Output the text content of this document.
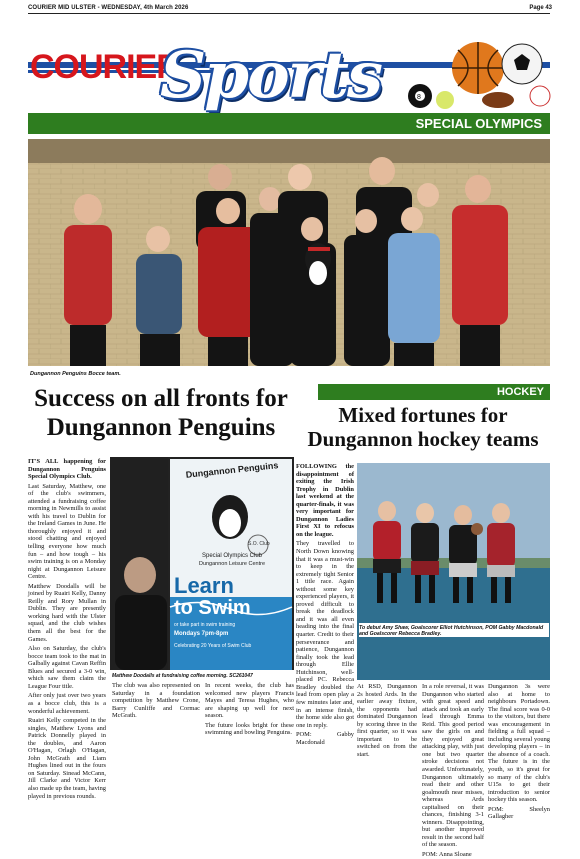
COURIER MID ULSTER - WEDNESDAY, 4th March 2026	Page 43
COURIER
Sports	8
SPECIAL OLYMPICS
Dungannon Penguins Bocce team.
Success on all fronts for Dungannon Penguins

IT'S ALL happening for Dungannon Penguins Special Olympics Club.

Last Saturday, Matthew, one of the club's swimmers, attended a fundraising coffee morning in Newmills to assist with his travel to Dublin for the Ireland Games in June. He thoroughly enjoyed it and stood chatting and enjoyed telling everyone how much fun – and how tough – his swim training is on a Monday night at Dungannon Leisure Centre.

Matthew Doodalls will be joined by Ruairi Kelly, Danny Reilly and Rory Mullan in Dublin. They are presently working hard with the Ulster squad, and the club wishes them all the best for the Games.

Also on Saturday, the club's bocce team took to the mat in Galbally against Cavan Reffin Blues and secured a 3-0 win, which saw them claim the League Four title.

After only just over two years as a bocce club, this is a wonderful achievement.

Ruairi Kelly competed in the singles, Matthew Lyons and Patrick Donnelly played in the doubles, and Aaron O'Hagan, Orlagh O'Hagan, John McGrath and Liam Hughes lined out in the fours on Saturday. Sinead McCann, Jill Clarke and Victor Kerr also made up the team, having played in previous rounds.

Dungannon Penguins
Special Olympics Club
Dungannon Leisure Centre
S.O. Club
Learn
to Swim
or take part in swim training
Mondays 7pm-8pm
Celebrating 20 Years of Swim Club
Matthew Doodalls at fundraising coffee morning. SC261047

The club was also represented on Saturday in a foundation competition by Matthew Crone, Barry Cunliffe and Cormac McGrath.

In recent weeks, the club has welcomed new players Francis Mayes and Teresa Hughes, who are shaping up well for next season.

The future looks bright for these swimming and bowling Penguins.

HOCKEY
Mixed fortunes for Dungannon hockey teams

FOLLOWING the disappointment of exiting the Irish Trophy in Dublin last weekend at the quarter-finals, it was very important for Dungannon Ladies First XI to refocus on the league.

They travelled to North Down knowing that it was a must-win to keep in the extremely tight Senior 1 title race. Again without some key experienced players, it proved difficult to break the deadlock and it was all even heading into the final quarter. Credit to their perseverance and patience, Dungannon finally took the lead through Ellie Hutchinson, well-placed PC. Rebecca Bradley doubled the lead from open play a few minutes later and, in an intense finish, the home side also got one in reply.

POM: Gabby Macdonald

To debut Amy Shaw, Goalscorer Elliot Hutchinson, POM Gabby Macdonald and Goalscorer Rebecca Bradley.

At RSD, Dungannon 2s hosted Ards. In the earlier away fixture, the opponents had dominated Dungannon by scoring three in the first quarter, so it was important to be switched on from the start.

In a role reversal, it was Dungannon who started with great speed and attack and took an early lead through Emma Reid. This good period saw the girls on and they enjoyed great attacking play, with just one but two quarter stroke decisions not awarded. Unfortunately, Dungannon ultimately read their and other goalmouth near misses, whereas Ards capitalised on their chances, finishing 3-1 winners. Disappointing, but another improved result in the second half of the season.

POM: Anna Sloane

Dungannon 3s were also at home to neighbours Portadown. The final score was 0-0 to the visitors, but there was encouragement in fielding a full squad – including several young developing players – in the absence of a coach. The future is in the youth, so it's great for so many of the club's U15s to get their introduction to senior hockey this season.

POM: Sheelyn Gallagher
